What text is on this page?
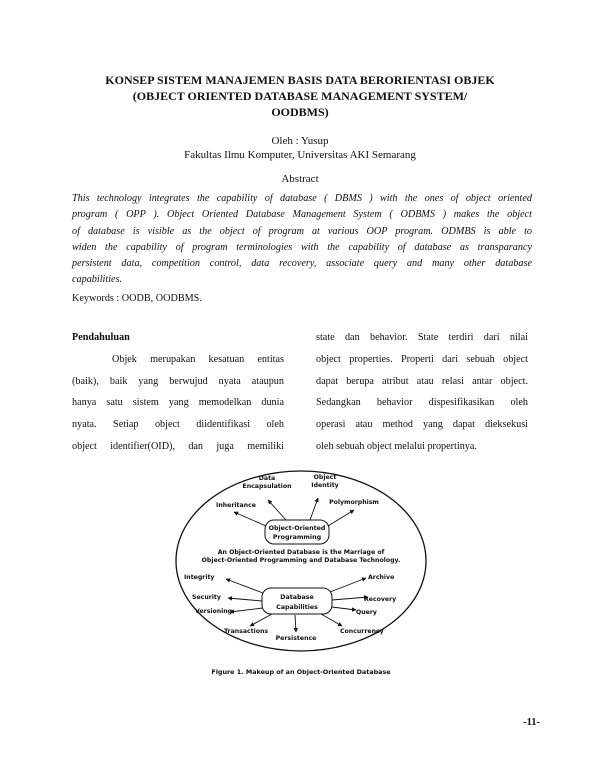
KONSEP SISTEM MANAJEMEN BASIS DATA BERORIENTASI OBJEK
(OBJECT ORIENTED DATABASE MANAGEMENT SYSTEM/
OODBMS)
Oleh : Yusup
Fakultas Ilmu Komputer, Universitas AKI Semarang
Abstract
This technology integrates the capability of database ( DBMS ) with the ones of object oriented
program ( OPP ). Object Oriented Database Management System ( ODBMS ) makes the object
of database is visible as the object of program at various OOP program. ODMBS is able to
widen the capability of program terminologies with the capability of database as transparancy
persistent data, competition control, data recovery, associate query and many other database
capabilities.
Keywords : OODB, OODBMS.
Pendahuluan
Objek merupakan kesatuan entitas
(baik), baik yang berwujud nyata ataupun
hanya satu sistem yang memodelkan dunia
nyata. Setiap object diidentifikasi oleh
object identifier(OID), dan juga memiliki
state dan behavior. State terdiri dari nilai
object properties. Properti dari sebuah object
dapat berupa atribut atau relasi antar object.
Sedangkan behavior dispesifikasikan oleh
operasi atau method yang dapat dieksekusi
oleh sebuah object melalui propertinya.
Object-Oriented
Programming
Data
Encapsulation
Object
Identity
Inheritance	Polymorphism
An Object-Oriented Database is the Marriage of
Object-Oriented Programming and Database Technology.
Database
Capabilities
Integrity
Security
Versioning
Transactions
Persistence
Concurrency
Query
Recovery
Archive
Figure 1. Makeup of an Object-Oriented Database
-11-
